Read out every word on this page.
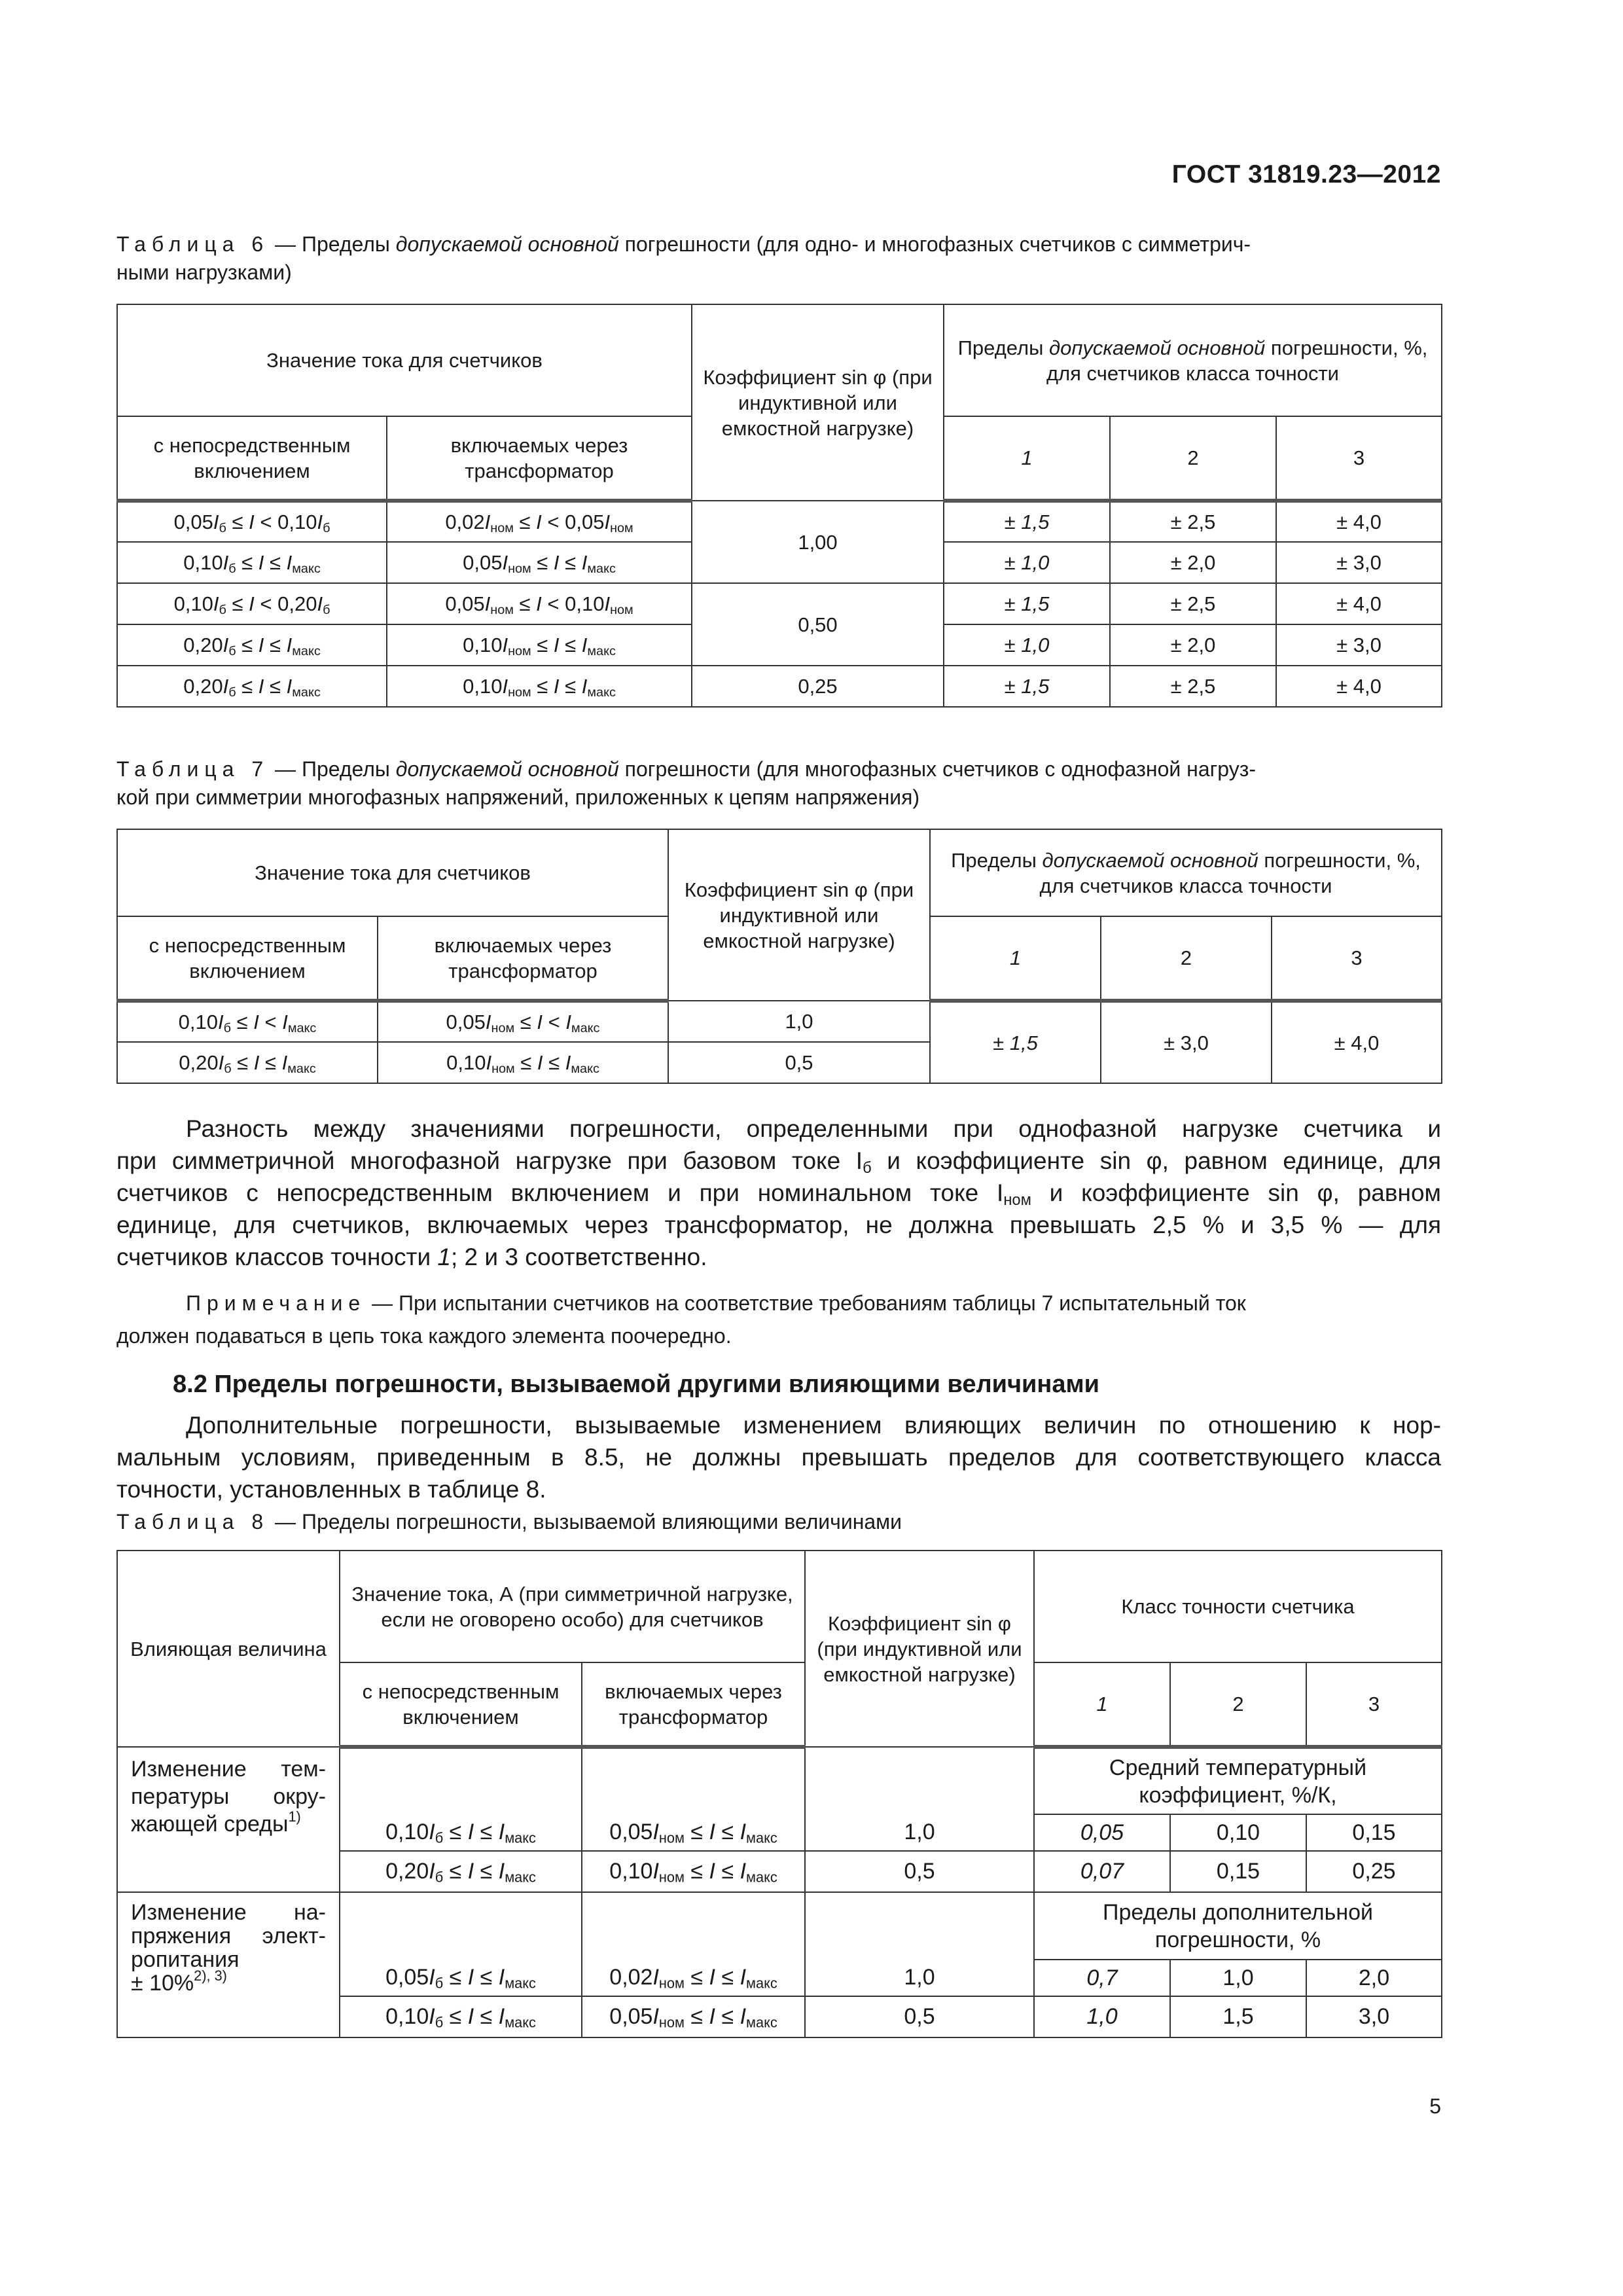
ГОСТ 31819.23—2012
Таблица 6 — Пределы допускаемой основной погрешности (для одно- и многофазных счетчиков с симметрич-
ными нагрузками)
Значение тока для счетчиков		Коэффициент sin φ (при индуктивной или емкостной нагрузке)	Пределы допускаемой основной погрешности, %, для счетчиков класса точности		
с непосредственным включением	включаемых через трансформатор		1	2	3
$0,05I_б \le I < 0,10I_б$	$0,02I_{ном} \le I < 0,05I_{ном}$	1,00	± 1,5	± 2,5	± 4,0
$0,10I_б \le I \le I_{макс}$	$0,05I_{ном} \le I \le I_{макс}$		± 1,0	± 2,0	± 3,0
$0,10I_б \le I < 0,20I_б$	$0,05I_{ном} \le I < 0,10I_{ном}$	0,50	± 1,5	± 2,5	± 4,0
$0,20I_б \le I \le I_{макс}$	$0,10I_{ном} \le I \le I_{макс}$		± 1,0	± 2,0	± 3,0
$0,20I_б \le I \le I_{макс}$	$0,10I_{ном} \le I \le I_{макс}$	0,25	± 1,5	± 2,5	± 4,0
Таблица 7 — Пределы допускаемой основной погрешности (для многофазных счетчиков с однофазной нагруз-
кой при симметрии многофазных напряжений, приложенных к цепям напряжения)
Значение тока для счетчиков		Коэффициент sin φ (при индуктивной или емкостной нагрузке)	Пределы допускаемой основной погрешности, %, для счетчиков класса точности		
с непосредственным включением	включаемых через трансформатор		1	2	3
$0,10I_б \le I < I_{макс}$	$0,05I_{ном} \le I < I_{макс}$	1,0	± 1,5	± 3,0	± 4,0
$0,20I_б \le I \le I_{макс}$	$0,10I_{ном} \le I \le I_{макс}$	0,5			
Разность между значениями погрешности, определенными при однофазной нагрузке счетчика и
при симметричной многофазной нагрузке при базовом токе $I_б$ и коэффициенте sin φ, равном единице, для
счетчиков с непосредственным включением и при номинальном токе $I_{ном}$ и коэффициенте sin φ, равном
единице, для счетчиков, включаемых через трансформатор, не должна превышать 2,5 % и 3,5 % — для
счетчиков классов точности 1; 2 и 3 соответственно.
Примечание — При испытании счетчиков на соответствие требованиям таблицы 7 испытательный ток
должен подаваться в цепь тока каждого элемента поочередно.
8.2 Пределы погрешности, вызываемой другими влияющими величинами
Дополнительные погрешности, вызываемые изменением влияющих величин по отношению к нор-
мальным условиям, приведенным в 8.5, не должны превышать пределов для соответствующего класса
точности, установленных в таблице 8.
Таблица 8 — Пределы погрешности, вызываемой влияющими величинами
Влияющая величина	Значение тока, А (при симметричной нагрузке, если не оговорено особо) для счетчиков		Коэффициент sin φ (при индуктивной или емкостной нагрузке)	Класс точности счетчика		
	с непосредственным включением	включаемых через трансформатор		1	2	3

Изменение тем-
пературы окру-
жающей среды$^{1)}$				Средний температурный коэффициент, %/К,		
	$0,10I_б \le I \le I_{макс}$	$0,05I_{ном} \le I \le I_{макс}$	1,0	0,05	0,10	0,15
	$0,20I_б \le I \le I_{макс}$	$0,10I_{ном} \le I \le I_{макс}$	0,5	0,07	0,15	0,25

Изменение на-
пряжения элект-
ропитания
± 10%$^{2), 3)}$				Пределы дополнительной погрешности, %		
	$0,05I_б \le I \le I_{макс}$	$0,02I_{ном} \le I \le I_{макс}$	1,0	0,7	1,0	2,0
	$0,10I_б \le I \le I_{макс}$	$0,05I_{ном} \le I \le I_{макс}$	0,5	1,0	1,5	3,0
5
